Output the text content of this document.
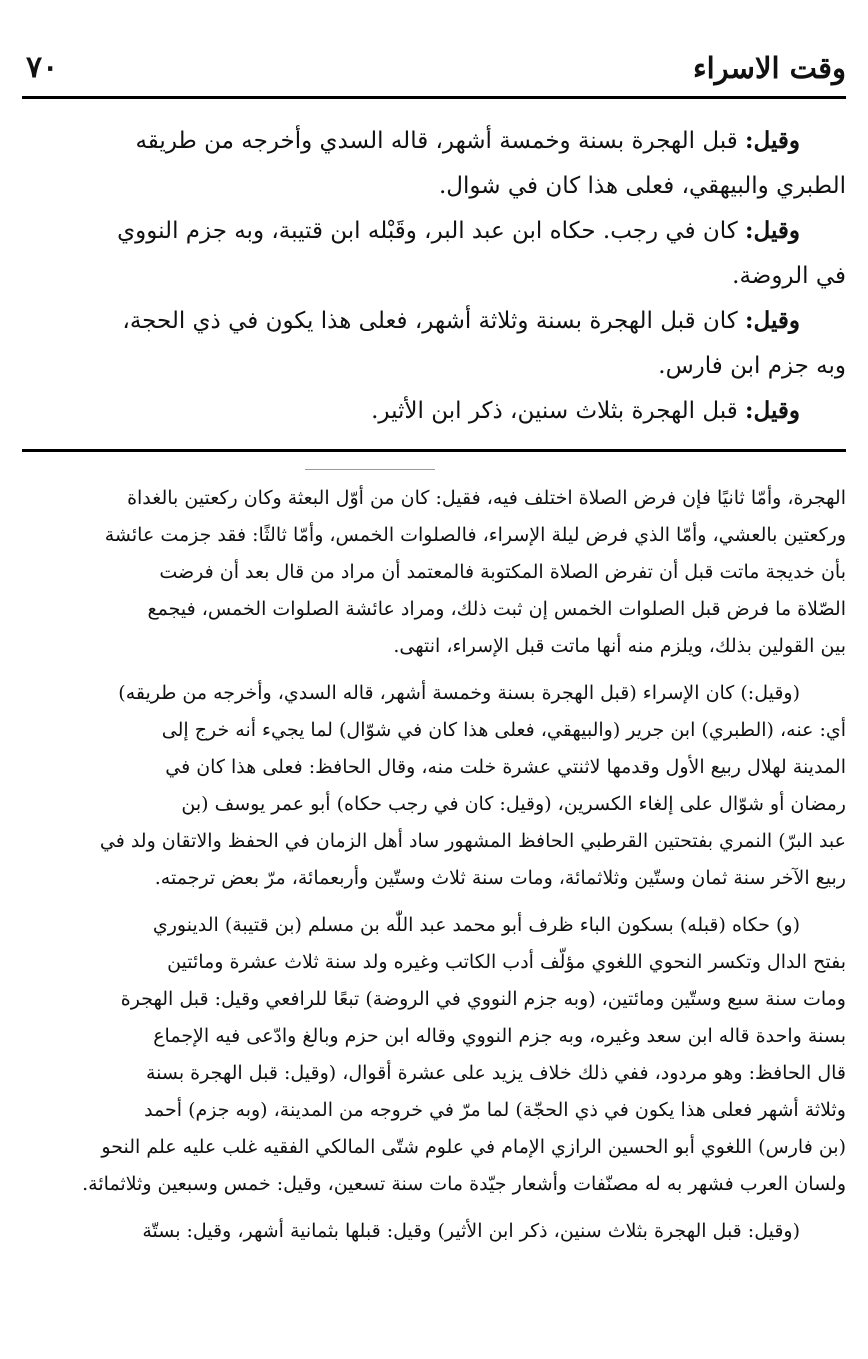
وقت الاسراء
٧٠
وقيل: قبل الهجرة بسنة وخمسة أشهر، قاله السدي وأخرجه من طريقه
الطبري والبيهقي، فعلى هذا كان في شوال.
وقيل: كان في رجب. حكاه ابن عبد البر، وقَبْله ابن قتيبة، وبه جزم النووي
في الروضة.
وقيل: كان قبل الهجرة بسنة وثلاثة أشهر، فعلى هذا يكون في ذي الحجة،
وبه جزم ابن فارس.
وقيل: قبل الهجرة بثلاث سنين، ذكر ابن الأثير.
الهجرة، وأمّا ثانيًا فإن فرض الصلاة اختلف فيه، فقيل: كان من أوّل البعثة وكان ركعتين بالغداة
وركعتين بالعشي، وأمّا الذي فرض ليلة الإسراء، فالصلوات الخمس، وأمّا ثالثًا: فقد جزمت عائشة
بأن خديجة ماتت قبل أن تفرض الصلاة المكتوبة فالمعتمد أن مراد من قال بعد أن فرضت
الصّلاة ما فرض قبل الصلوات الخمس إن ثبت ذلك، ومراد عائشة الصلوات الخمس، فيجمع
بين القولين بذلك، ويلزم منه أنها ماتت قبل الإسراء، انتهى.
(وقيل:) كان الإسراء (قبل الهجرة بسنة وخمسة أشهر، قاله السدي، وأخرجه من طريقه)
أي: عنه، (الطبري) ابن جرير (والبيهقي، فعلى هذا كان في شوّال) لما يجيء أنه خرج إلى
المدينة لهلال ربيع الأول وقدمها لاثنتي عشرة خلت منه، وقال الحافظ: فعلى هذا كان في
رمضان أو شوّال على إلغاء الكسرين، (وقيل: كان في رجب حكاه) أبو عمر يوسف (بن
عبد البرّ) النمري بفتحتين القرطبي الحافظ المشهور ساد أهل الزمان في الحفظ والاتقان ولد في
ربيع الآخر سنة ثمان وستّين وثلاثمائة، ومات سنة ثلاث وستّين وأربعمائة، مرّ بعض ترجمته.
(و) حكاه (قبله) بسكون الباء ظرف أبو محمد عبد اللّٰه بن مسلم (بن قتيبة) الدينوري
بفتح الدال وتكسر النحوي اللغوي مؤلّف أدب الكاتب وغيره ولد سنة ثلاث عشرة ومائتين
ومات سنة سبع وستّين ومائتين، (وبه جزم النووي في الروضة) تبعًا للرافعي وقيل: قبل الهجرة
بسنة واحدة قاله ابن سعد وغيره، وبه جزم النووي وقاله ابن حزم وبالغ وادّعى فيه الإجماع
قال الحافظ: وهو مردود، ففي ذلك خلاف يزيد على عشرة أقوال، (وقيل: قبل الهجرة بسنة
وثلاثة أشهر فعلى هذا يكون في ذي الحجّة) لما مرّ في خروجه من المدينة، (وبه جزم) أحمد
(بن فارس) اللغوي أبو الحسين الرازي الإمام في علوم شتّى المالكي الفقيه غلب عليه علم النحو
ولسان العرب فشهر به له مصنّفات وأشعار جيّدة مات سنة تسعين، وقيل: خمس وسبعين وثلاثمائة.
(وقيل: قبل الهجرة بثلاث سنين، ذكر ابن الأثير) وقيل: قبلها بثمانية أشهر، وقيل: بستّة
